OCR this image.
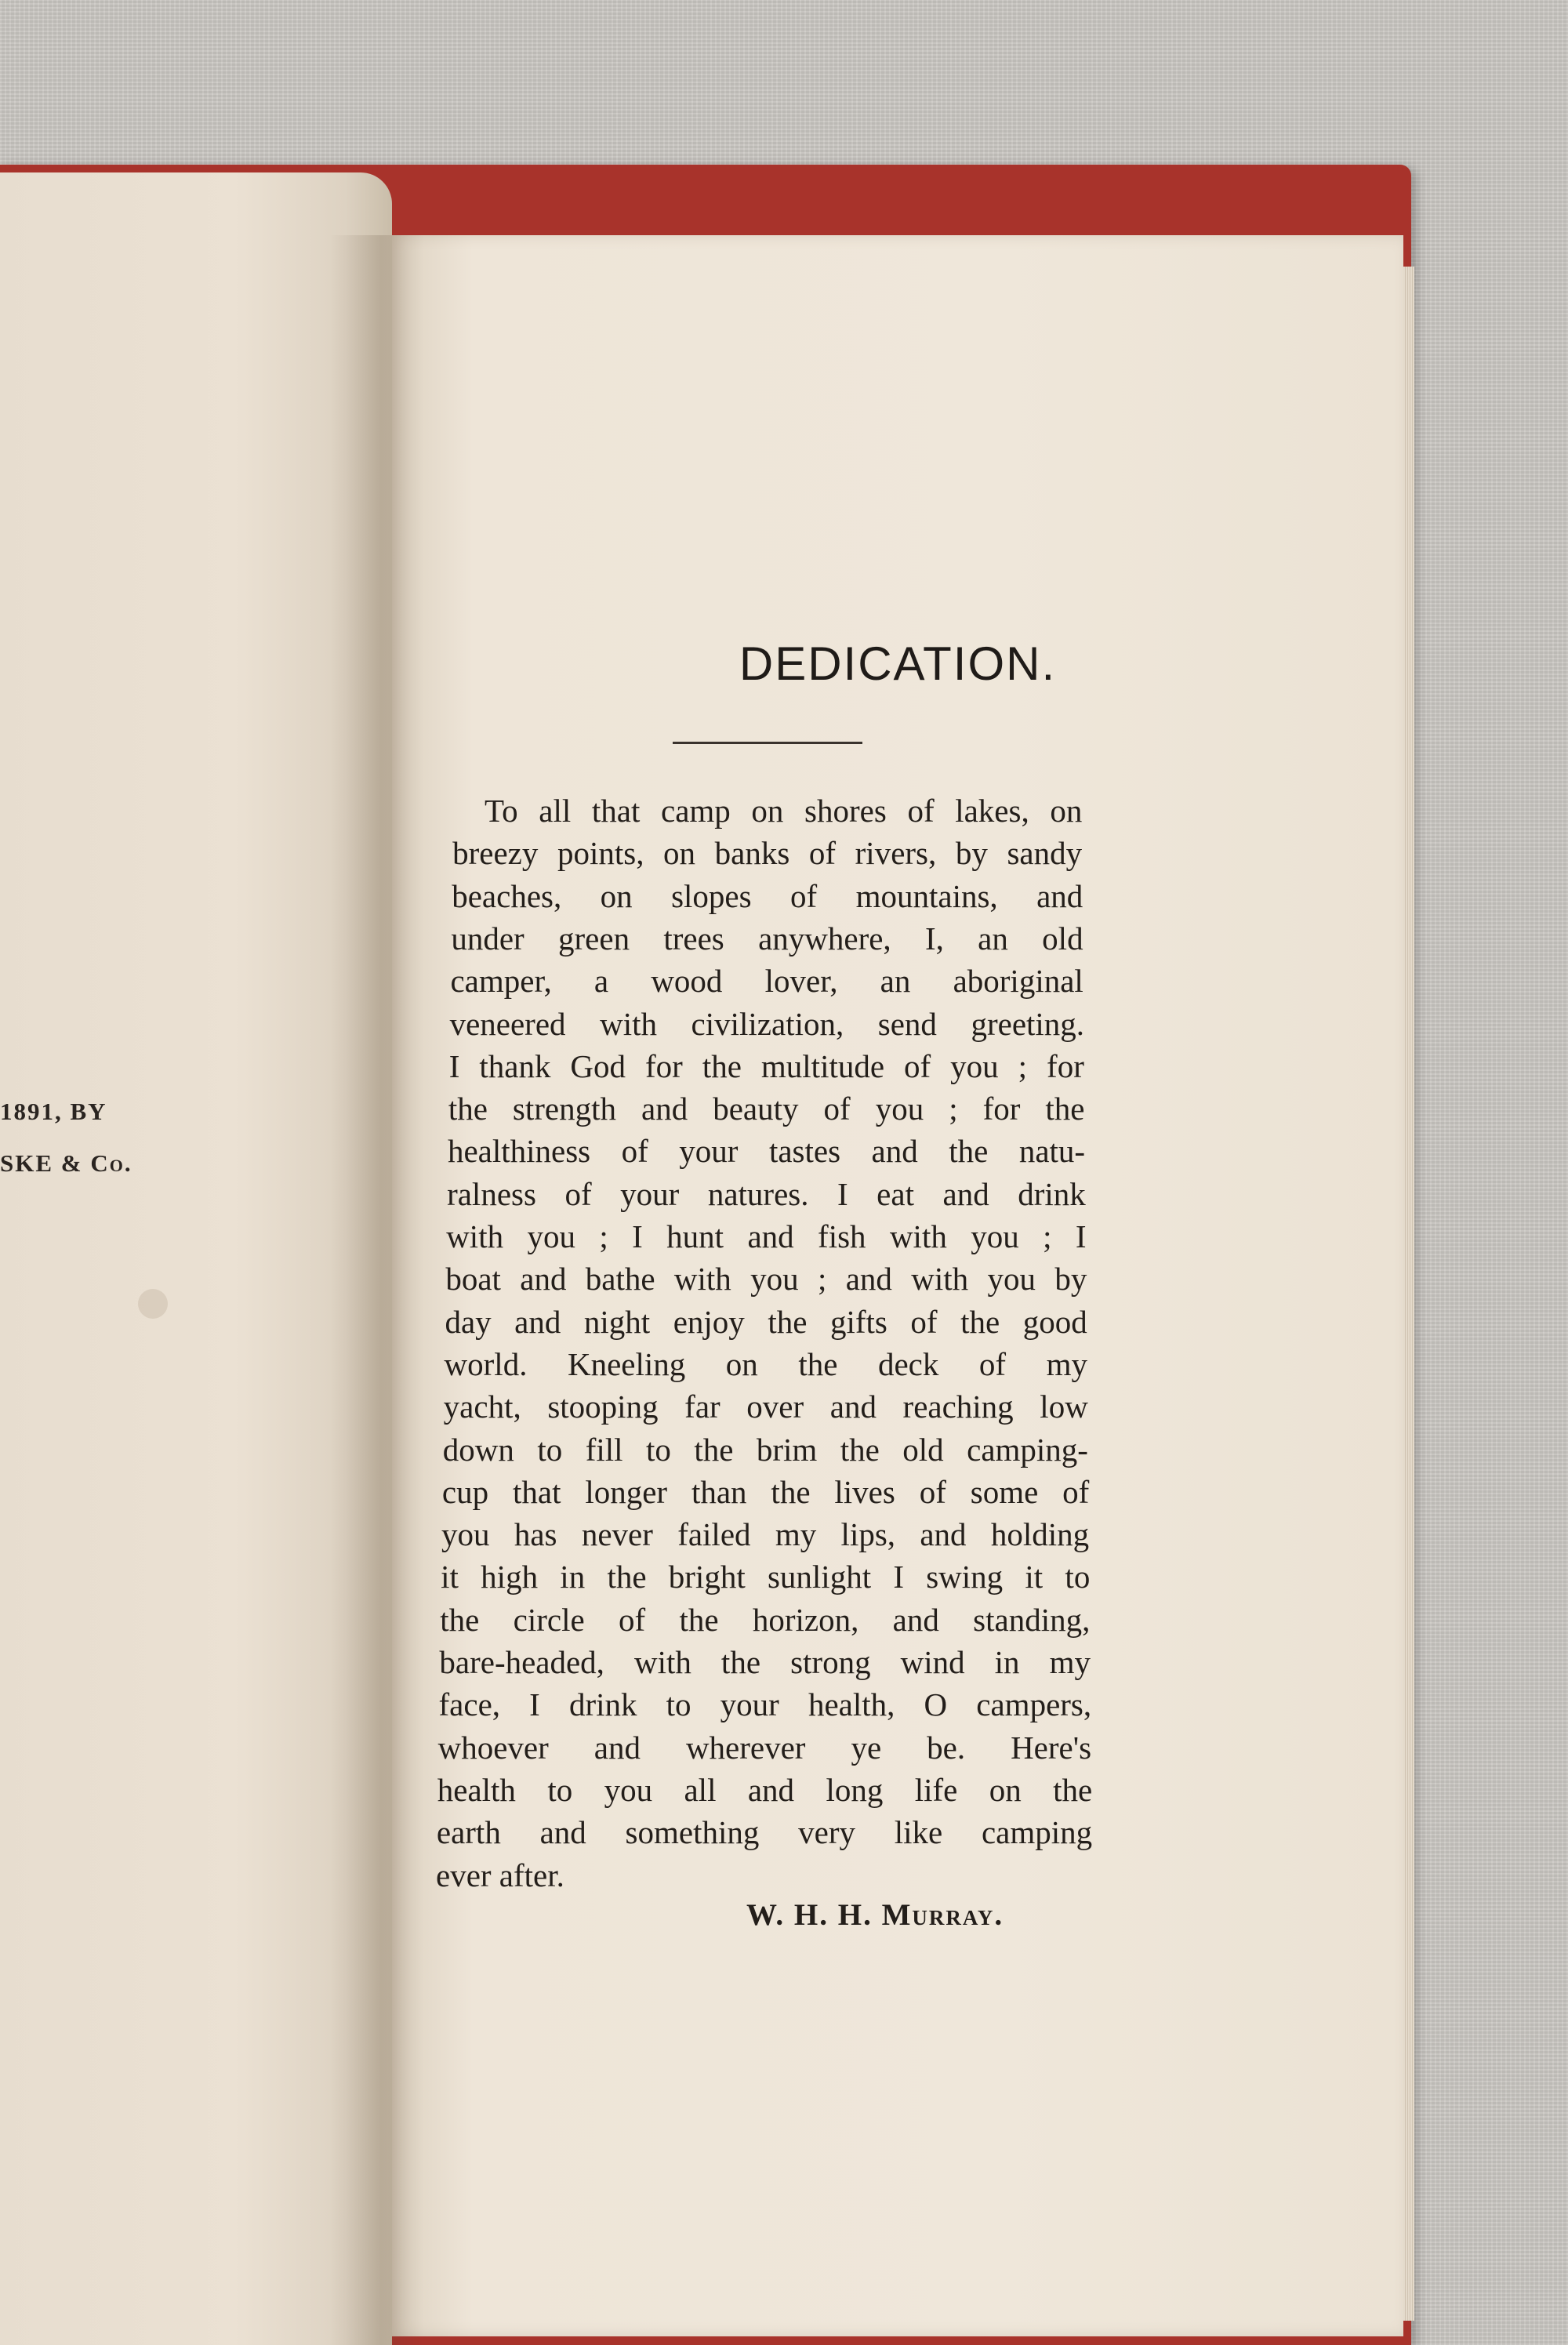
1891, BY
SKE & Co.
DEDICATION.
To all that camp on shores of lakes, on
breezy points, on banks of rivers, by sandy
beaches, on slopes of mountains, and
under green trees anywhere, I, an old
camper, a wood lover, an aboriginal
veneered with civilization, send greeting.
I thank God for the multitude of you ; for
the strength and beauty of you ; for the
healthiness of your tastes and the natu-
ralness of your natures. I eat and drink
with you ; I hunt and fish with you ; I
boat and bathe with you ; and with you by
day and night enjoy the gifts of the good
world. Kneeling on the deck of my
yacht, stooping far over and reaching low
down to fill to the brim the old camping-
cup that longer than the lives of some of
you has never failed my lips, and holding
it high in the bright sunlight I swing it to
the circle of the horizon, and standing,
bare-headed, with the strong wind in my
face, I drink to your health, O campers,
whoever and wherever ye be. Here's
health to you all and long life on the
earth and something very like camping
ever after.
W. H. H. Murray.
